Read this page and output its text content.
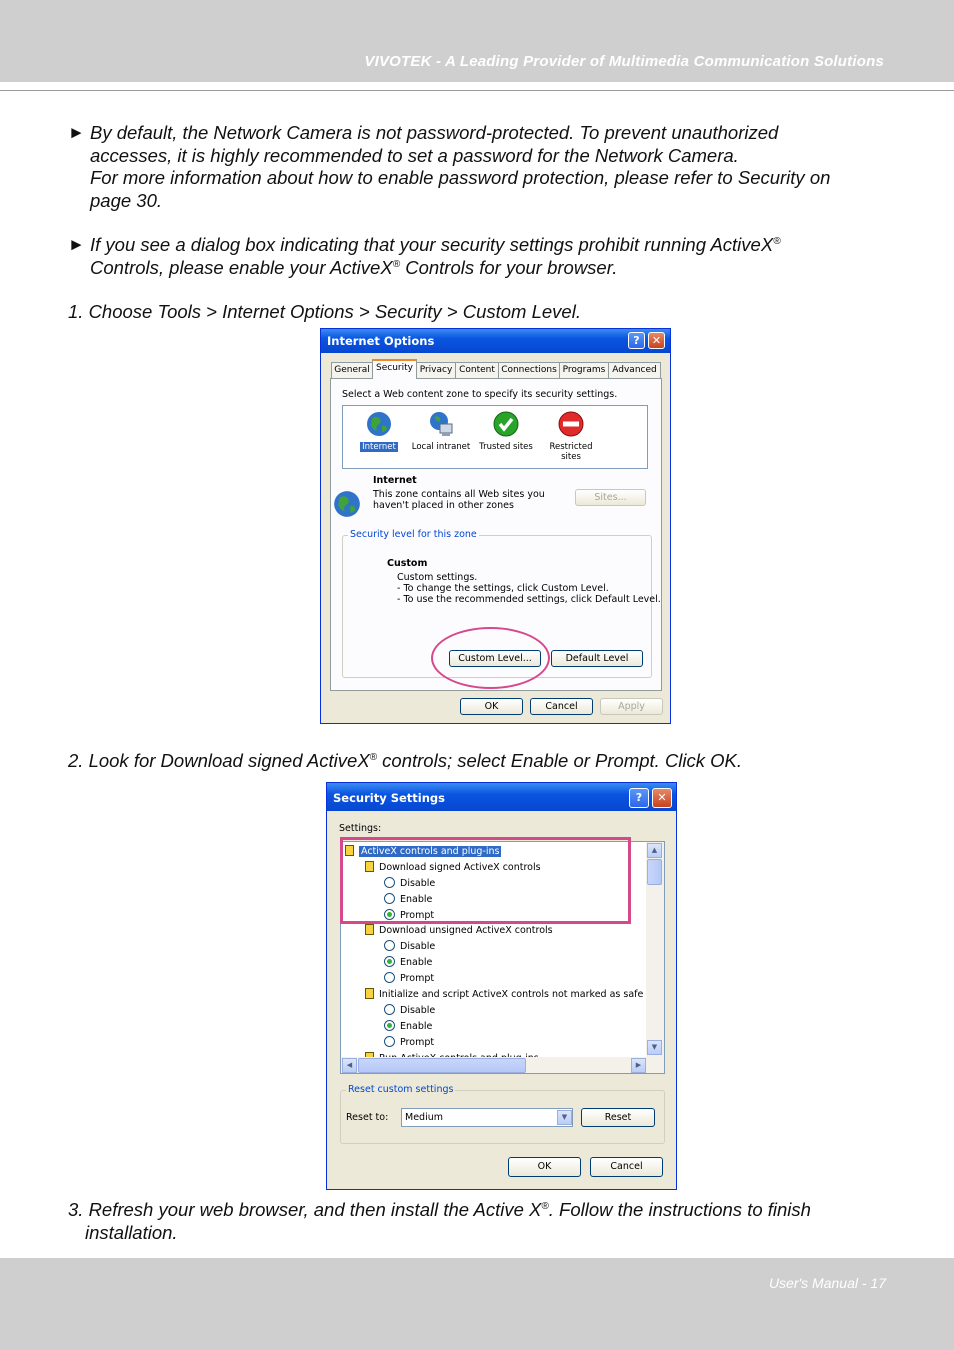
VIVOTEK - A Leading Provider of Multimedia Communication Solutions
User's Manual - 17
► By default, the Network Camera is not password-protected. To prevent unauthorized
accesses, it is highly recommended to set a password for the Network Camera.
For more information about how to enable password protection, please refer to Security on
page 30.
► If you see a dialog box indicating that your security settings prohibit running ActiveX®
Controls, please enable your ActiveX® Controls for your browser.
1. Choose Tools > Internet Options > Security > Custom Level.
Internet Options	?	✕
General Security Privacy Content Connections Programs Advanced
Select a Web content zone to specify its security settings.
Internet	Local intranet	Trusted sites	Restricted sites
Internet
This zone contains all Web sites you
haven't placed in other zones
Sites...
Security level for this zone
Custom
Custom settings.
- To change the settings, click Custom Level.
- To use the recommended settings, click Default Level.
Custom Level...	Default Level
OK	Cancel	Apply
2. Look for Download signed ActiveX® controls; select Enable or Prompt. Click OK.
Security Settings	?	✕
Settings:
ActiveX controls and plug-ins
Download signed ActiveX controls
Disable
Enable
Prompt
Download unsigned ActiveX controls
Disable
Enable
Prompt
Initialize and script ActiveX controls not marked as safe
Disable
Enable
Prompt
▲
▼
◀	▶
Reset custom settings
Reset to: Medium	▼	Reset
OK	Cancel
3. Refresh your web browser, and then install the Active X®. Follow the instructions to finish
installation.
